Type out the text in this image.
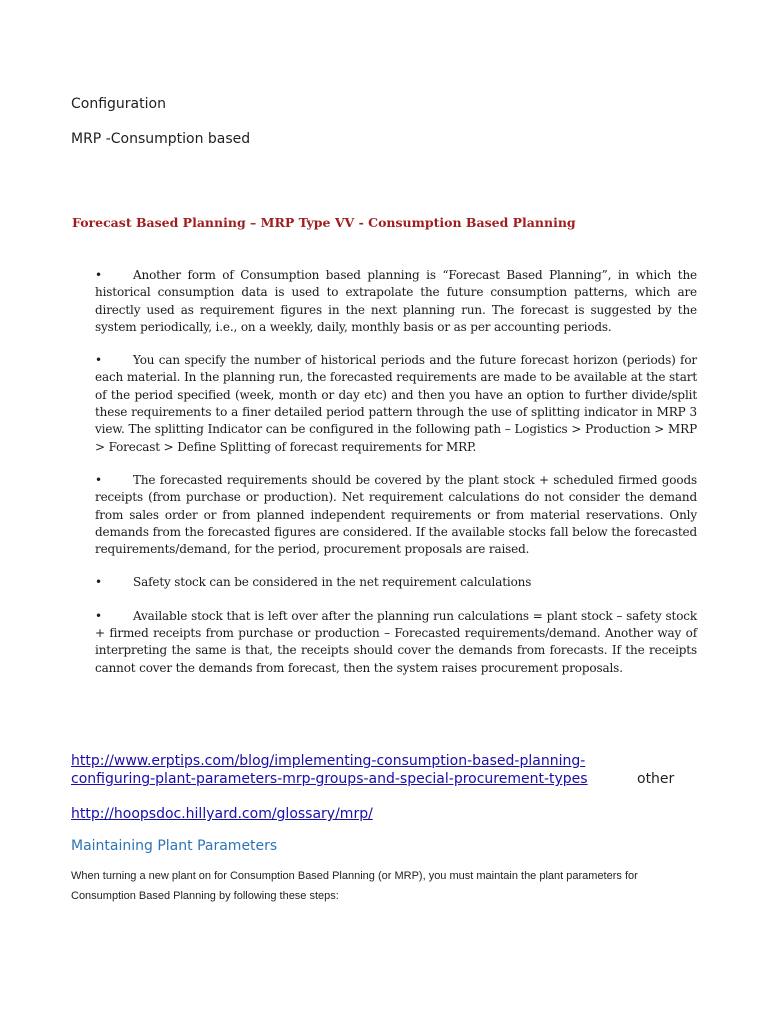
Configuration

MRP -Consumption based

Forecast Based Planning – MRP Type VV - Consumption Based Planning

•	Another form of Consumption based planning is “Forecast Based Planning”, in which the historical consumption data is used to extrapolate the future consumption patterns, which are directly used as requirement figures in the next planning run. The forecast is suggested by the system periodically, i.e., on a weekly, daily, monthly basis or as per accounting periods.

•	You can specify the number of historical periods and the future forecast horizon (periods) for each material. In the planning run, the forecasted requirements are made to be available at the start of the period specified (week, month or day etc) and then you have an option to further divide/split these requirements to a finer detailed period pattern through the use of splitting indicator in MRP 3 view. The splitting Indicator can be configured in the following path – Logistics > Production > MRP > Forecast > Define Splitting of forecast requirements for MRP.

•	The forecasted requirements should be covered by the plant stock + scheduled firmed goods receipts (from purchase or production). Net requirement calculations do not consider the demand from sales order or from planned independent requirements or from material reservations. Only demands from the forecasted figures are considered. If the available stocks fall below the forecasted requirements/demand, for the period, procurement proposals are raised.

•	Safety stock can be considered in the net requirement calculations

•	Available stock that is left over after the planning run calculations = plant stock – safety stock + firmed receipts from purchase or production – Forecasted requirements/demand. Another way of interpreting the same is that, the receipts should cover the demands from forecasts. If the receipts cannot cover the demands from forecast, then the system raises procurement proposals.

http://www.erptips.com/blog/implementing-consumption-based-planning-
configuring-plant-parameters-mrp-groups-and-special-procurement-types	other
http://hoopsdoc.hillyard.com/glossary/mrp/

Maintaining Plant Parameters

When turning a new plant on for Consumption Based Planning (or MRP), you must maintain the plant parameters for Consumption Based Planning by following these steps:
